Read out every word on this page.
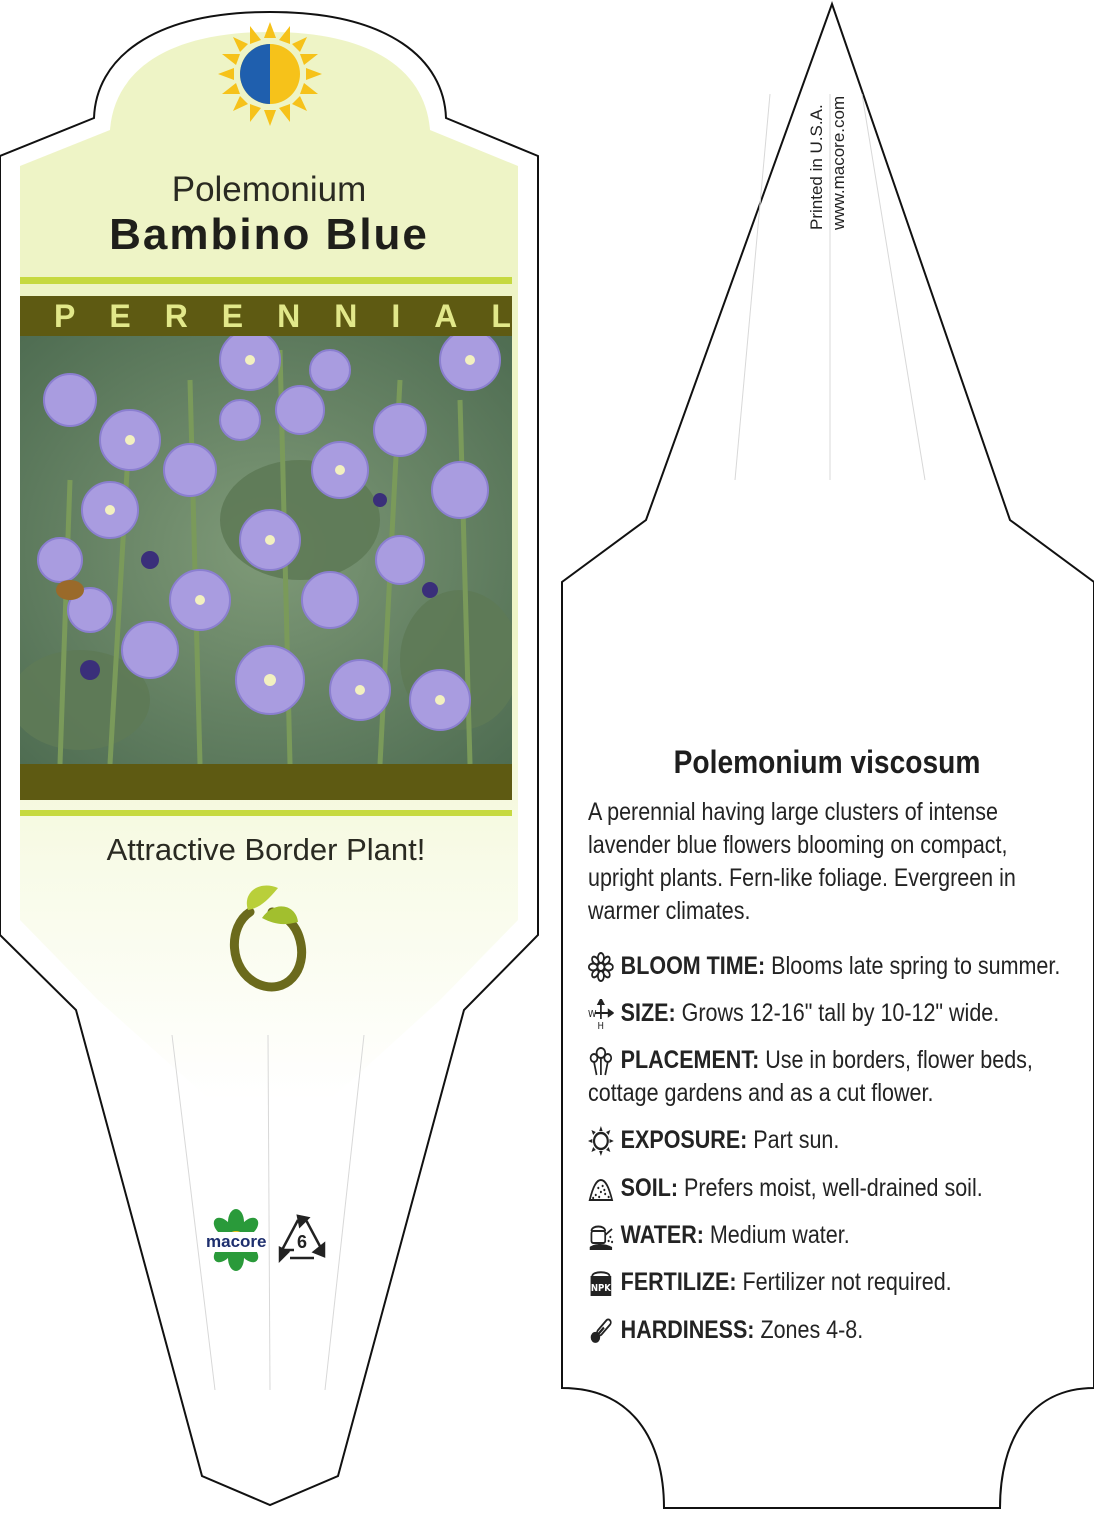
Polemonium
Bambino Blue
PERENNIAL
Attractive Border Plant!
macore 6
Printed in U.S.A. www.macore.com
Polemonium viscosum
A perennial having large clusters of intense lavender blue flowers blooming on compact, upright plants. Fern-like foliage. Evergreen in warmer climates.
BLOOM TIME: Blooms late spring to summer.
W
H SIZE: Grows 12-16" tall by 10-12" wide.
PLACEMENT: Use in borders, flower beds, cottage gardens and as a cut flower.
EXPOSURE: Part sun.
SOIL: Prefers moist, well-drained soil.
WATER: Medium water.
NPK FERTILIZE: Fertilizer not required.
HARDINESS: Zones 4-8.
